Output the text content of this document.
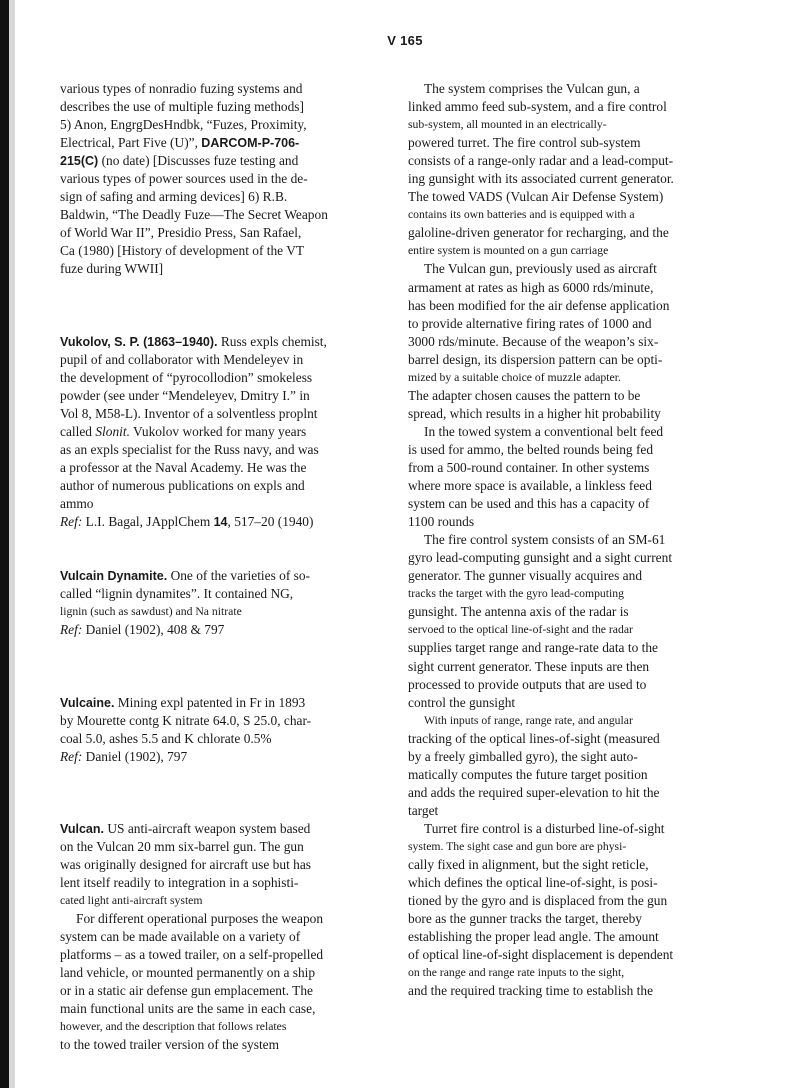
V 165
various types of nonradio fuzing systems and
describes the use of multiple fuzing methods]
5) Anon, EngrgDesHndbk, “Fuzes, Proximity,
Electrical, Part Five (U)”, DARCOM-P-706-
215(C) (no date) [Discusses fuze testing and
various types of power sources used in the de-
sign of safing and arming devices] 6) R.B.
Baldwin, “The Deadly Fuze—The Secret Weapon
of World War II”, Presidio Press, San Rafael,
Ca (1980) [History of development of the VT
fuze during WWII]
Vukolov, S. P. (1863–1940). Russ expls chemist,
pupil of and collaborator with Mendeleyev in
the development of “pyrocollodion” smokeless
powder (see under “Mendeleyev, Dmitry I.” in
Vol 8, M58-L). Inventor of a solventless proplnt
called Slonit. Vukolov worked for many years
as an expls specialist for the Russ navy, and was
a professor at the Naval Academy. He was the
author of numerous publications on expls and
ammo
Ref: L.I. Bagal, JApplChem 14, 517–20 (1940)
Vulcain Dynamite. One of the varieties of so-
called “lignin dynamites”. It contained NG,
lignin (such as sawdust) and Na nitrate
Ref: Daniel (1902), 408 & 797
Vulcaine. Mining expl patented in Fr in 1893
by Mourette contg K nitrate 64.0, S 25.0, char-
coal 5.0, ashes 5.5 and K chlorate 0.5%
Ref: Daniel (1902), 797
Vulcan. US anti-aircraft weapon system based
on the Vulcan 20 mm six-barrel gun. The gun
was originally designed for aircraft use but has
lent itself readily to integration in a sophisti-
cated light anti-aircraft system
For different operational purposes the weapon
system can be made available on a variety of
platforms – as a towed trailer, on a self-propelled
land vehicle, or mounted permanently on a ship
or in a static air defense gun emplacement. The
main functional units are the same in each case,
however, and the description that follows relates
to the towed trailer version of the system
The system comprises the Vulcan gun, a
linked ammo feed sub-system, and a fire control
sub-system, all mounted in an electrically-
powered turret. The fire control sub-system
consists of a range-only radar and a lead-comput-
ing gunsight with its associated current generator.
The towed VADS (Vulcan Air Defense System)
contains its own batteries and is equipped with a
galoline-driven generator for recharging, and the
entire system is mounted on a gun carriage
The Vulcan gun, previously used as aircraft
armament at rates as high as 6000 rds/minute,
has been modified for the air defense application
to provide alternative firing rates of 1000 and
3000 rds/minute. Because of the weapon’s six-
barrel design, its dispersion pattern can be opti-
mized by a suitable choice of muzzle adapter.
The adapter chosen causes the pattern to be
spread, which results in a higher hit probability
In the towed system a conventional belt feed
is used for ammo, the belted rounds being fed
from a 500-round container. In other systems
where more space is available, a linkless feed
system can be used and this has a capacity of
1100 rounds
The fire control system consists of an SM-61
gyro lead-computing gunsight and a sight current
generator. The gunner visually acquires and
tracks the target with the gyro lead-computing
gunsight. The antenna axis of the radar is
servoed to the optical line-of-sight and the radar
supplies target range and range-rate data to the
sight current generator. These inputs are then
processed to provide outputs that are used to
control the gunsight
With inputs of range, range rate, and angular
tracking of the optical lines-of-sight (measured
by a freely gimballed gyro), the sight auto-
matically computes the future target position
and adds the required super-elevation to hit the
target
Turret fire control is a disturbed line-of-sight
system. The sight case and gun bore are physi-
cally fixed in alignment, but the sight reticle,
which defines the optical line-of-sight, is posi-
tioned by the gyro and is displaced from the gun
bore as the gunner tracks the target, thereby
establishing the proper lead angle. The amount
of optical line-of-sight displacement is dependent
on the range and range rate inputs to the sight,
and the required tracking time to establish the
